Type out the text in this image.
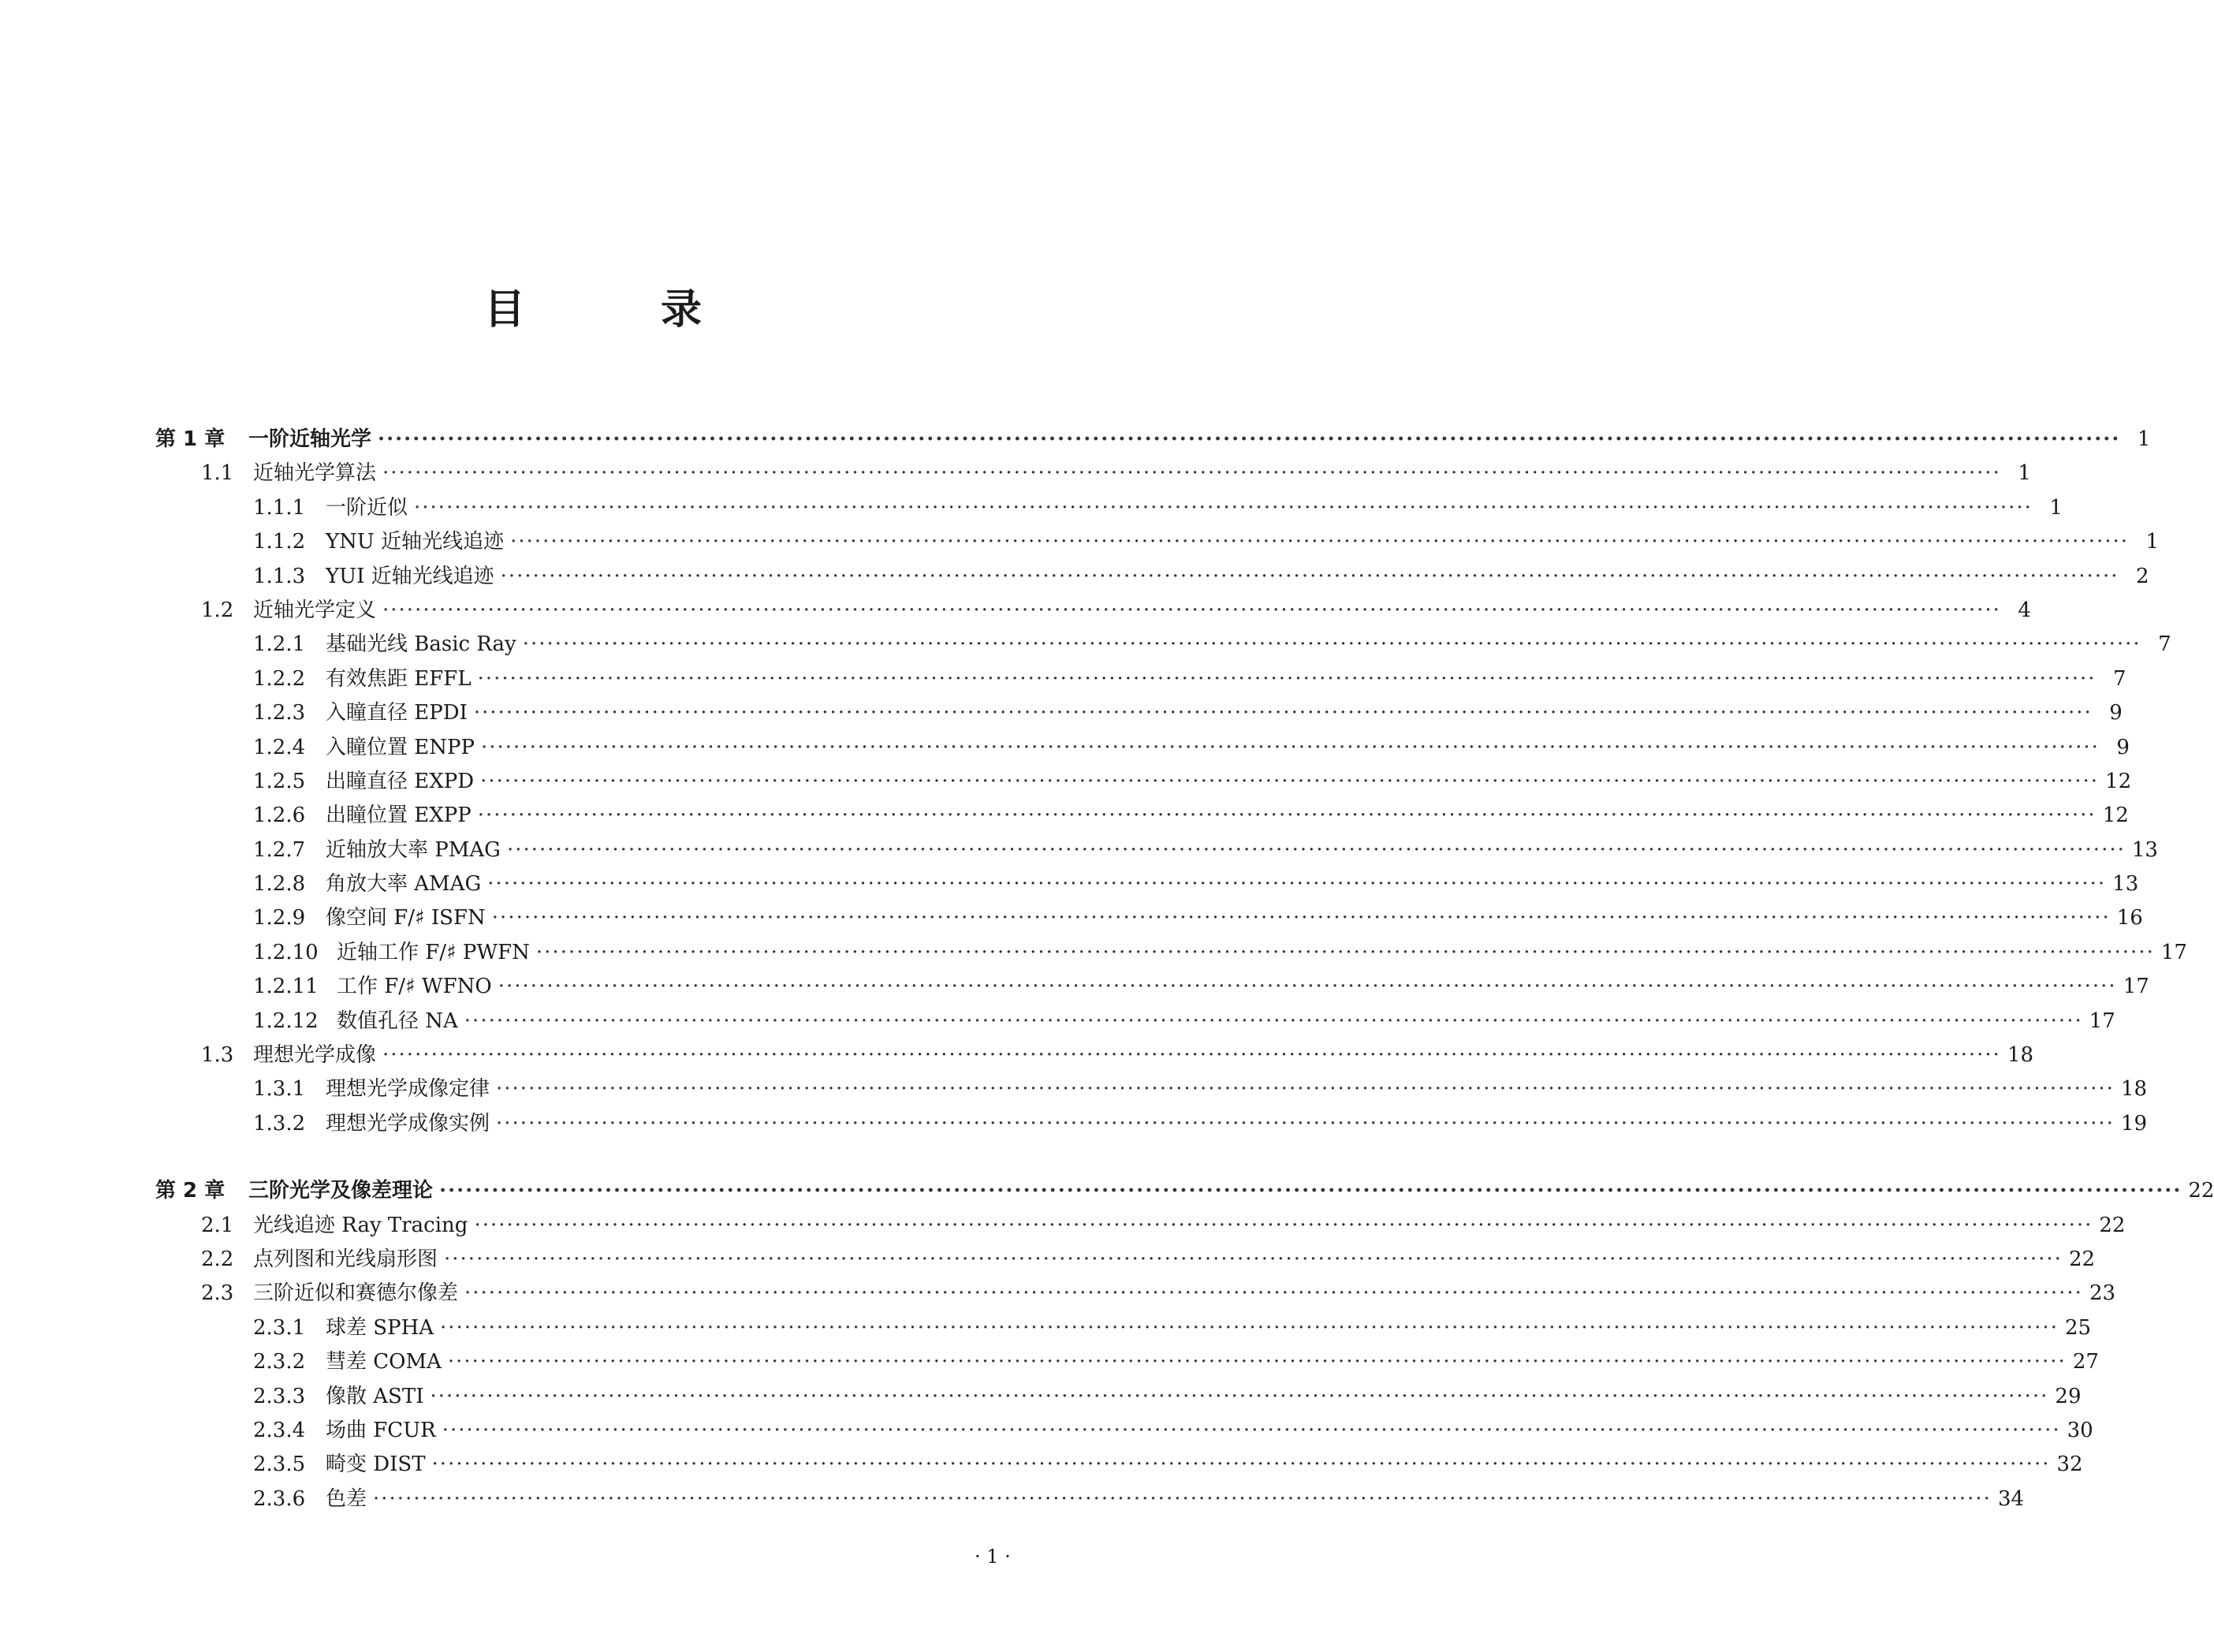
目　录
第 1 章	一阶近轴光学 ········································································································································································································ 1
1.1 近轴光学算法 ········································································································································································································ 1
1.1.1 一阶近似 ········································································································································································································ 1
1.1.2 YNU 近轴光线追迹 ········································································································································································································ 1
1.1.3 YUI 近轴光线追迹 ········································································································································································································ 2
1.2 近轴光学定义 ········································································································································································································ 4
1.2.1 基础光线 Basic Ray ········································································································································································································ 7
1.2.2 有效焦距 EFFL ········································································································································································································ 7
1.2.3 入瞳直径 EPDI ········································································································································································································ 9
1.2.4 入瞳位置 ENPP ········································································································································································································ 9
1.2.5 出瞳直径 EXPD ········································································································································································································ 12
1.2.6 出瞳位置 EXPP ········································································································································································································ 12
1.2.7 近轴放大率 PMAG ········································································································································································································ 13
1.2.8 角放大率 AMAG ········································································································································································································ 13
1.2.9 像空间 F/♯ ISFN ········································································································································································································ 16
1.2.10 近轴工作 F/♯ PWFN ········································································································································································································ 17
1.2.11 工作 F/♯ WFNO ········································································································································································································ 17
1.2.12 数值孔径 NA ········································································································································································································ 17
1.3 理想光学成像 ········································································································································································································ 18
1.3.1 理想光学成像定律 ········································································································································································································ 18
1.3.2 理想光学成像实例 ········································································································································································································ 19
第 2 章	三阶光学及像差理论 ········································································································································································································ 22
2.1 光线追迹 Ray Tracing ········································································································································································································ 22
2.2 点列图和光线扇形图 ········································································································································································································ 22
2.3 三阶近似和赛德尔像差 ········································································································································································································ 23
2.3.1 球差 SPHA ········································································································································································································ 25
2.3.2 彗差 COMA ········································································································································································································ 27
2.3.3 像散 ASTI ········································································································································································································ 29
2.3.4 场曲 FCUR ········································································································································································································ 30
2.3.5 畸变 DIST ········································································································································································································ 32
2.3.6 色差 ········································································································································································································ 34
· 1 ·
